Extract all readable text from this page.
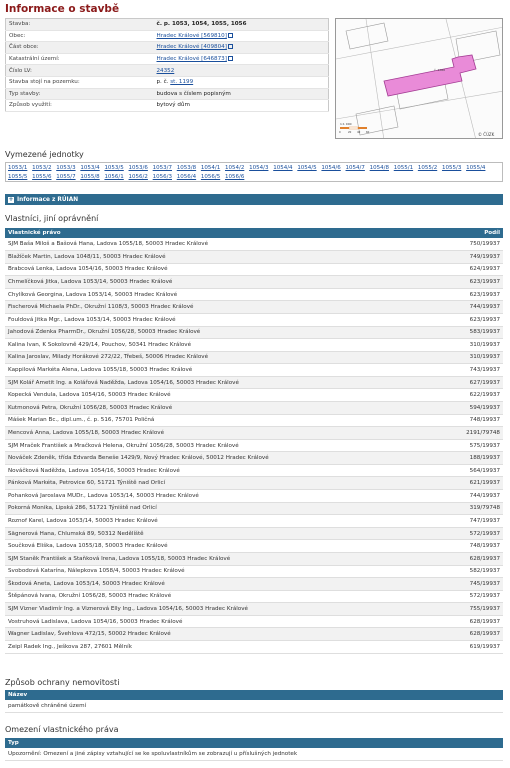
Informace o stavbě
Stavba:	č. p. 1053, 1054, 1055, 1056
Obec:	Hradec Králové [569810]
Část obce:	Hradec Králové [409804]
Katastrální území:	Hradec Králové [646873]
Číslo LV:	24352
Stavba stojí na pozemku:	p. č. st. 1199
Typ stavby:	budova s číslem popisným
Způsob využití:	bytový dům
č. 1060
1:1 000
0	20 40 60	© ČÚZK
Vymezené jednotky
1053/1 1053/2 1053/3 1053/4 1053/5 1053/6 1053/7 1053/8 1054/1 1054/2 1054/3 1054/4 1054/5 1054/6 1054/7 1054/8 1055/1 1055/2 1055/3 1055/4 1055/5 1055/6 1055/7 1055/8 1056/1 1056/2 1056/3 1056/4 1056/5 1056/6
+ Informace z RÚIAN
Vlastníci, jiní oprávnění
Vlastnické právo	Podíl
SJM Baša Miloš a Bašová Hana, Ladova 1055/18, 50003 Hradec Králové	750/19937
Blažíček Martin, Ladova 1048/11, 50003 Hradec Králové	749/19937
Brabcová Lenka, Ladova 1054/16, 50003 Hradec Králové	624/19937
Chmelíčková Jitka, Ladova 1053/14, 50003 Hradec Králové	623/19937
Chylíková Georgina, Ladova 1053/14, 50003 Hradec Králové	623/19937
Fischerová Michaela PhDr., Okružní 1108/3, 50003 Hradec Králové	744/19937
Fouldová Jitka Mgr., Ladova 1053/14, 50003 Hradec Králové	623/19937
Jahodová Zdenka PharmDr., Okružní 1056/28, 50003 Hradec Králové	583/19937
Kalina Ivan, K Sokolovně 429/14, Pouchov, 50341 Hradec Králové	310/19937
Kalina Jaroslav, Milady Horákové 272/22, Třebeš, 50006 Hradec Králové	310/19937
Kappilová Markéta Alena, Ladova 1055/18, 50003 Hradec Králové	743/19937
SJM Kolář Ametit Ing. a Kolářová Naděžda, Ladova 1054/16, 50003 Hradec Králové	627/19937
Kopecká Vendula, Ladova 1054/16, 50003 Hradec Králové	622/19937
Kutmonová Petra, Okružní 1056/28, 50003 Hradec Králové	594/19937
Mášek Marian Bc., dipl.um., č. p. 516, 75701 Poličná	748/19937
Mencová Anna, Ladova 1055/18, 50003 Hradec Králové	2191/79748
SJM Mraček František a Mračková Helena, Okružní 1056/28, 50003 Hradec Králové	575/19937
Nováček Zdeněk, třída Edvarda Beneše 1429/9, Nový Hradec Králové, 50012 Hradec Králové	188/19937
Nováčková Naděžda, Ladova 1054/16, 50003 Hradec Králové	564/19937
Pánková Markéta, Petrovice 60, 51721 Týniště nad Orlicí	621/19937
Pohanková Jaroslava MUDr., Ladova 1053/14, 50003 Hradec Králové	744/19937
Pokorná Monika, Lipská 286, 51721 Týniště nad Orlicí	319/79748
Roznof Karel, Ladova 1053/14, 50003 Hradec Králové	747/19937
Sägnerová Hana, Chlumská 89, 50312 Nedělíště	572/19937
Součková Eliška, Ladova 1055/18, 50003 Hradec Králové	748/19937
SJM Staněk František a Staňková Irena, Ladova 1055/18, 50003 Hradec Králové	628/19937
Svobodová Katarína, Nálepkova 1058/4, 50003 Hradec Králové	582/19937
Škodová Aneta, Ladova 1053/14, 50003 Hradec Králové	745/19937
Štěpánová Ivana, Okružní 1056/28, 50003 Hradec Králové	572/19937
SJM Vizner Vladimír Ing. a Viznerová Elly Ing., Ladova 1054/16, 50003 Hradec Králové	755/19937
Vostruhová Ladislava, Ladova 1054/16, 50003 Hradec Králové	628/19937
Wagner Ladislav, Švehlova 472/15, 50002 Hradec Králové	628/19937
Zeipl Radek Ing., Ješkova 287, 27601 Mělník	619/19937
Způsob ochrany nemovitosti
Název
památkově chráněné území
Omezení vlastnického práva
Typ
Upozornění: Omezení a jiné zápisy vztahující se ke spoluvlastníkům se zobrazují u příslušných jednotek
